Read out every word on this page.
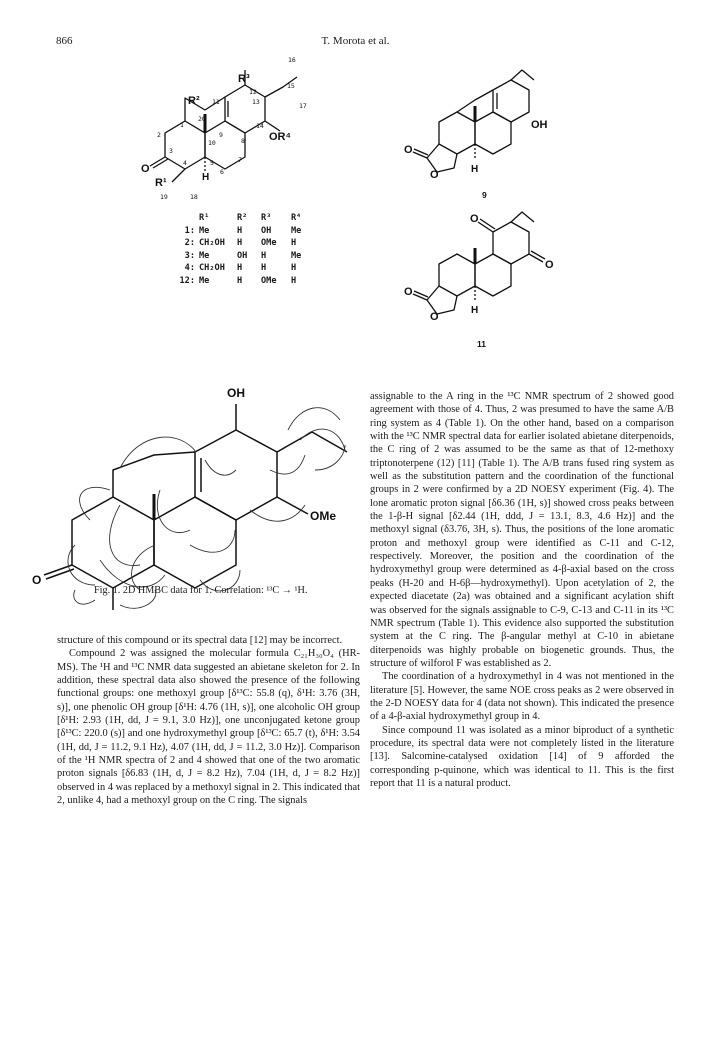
866	T. Morota et al.
R³
R²
OR⁴
R¹	H
O
16
15
17
12
13
11
20
1
2
3
4	5
6
7
8
9
10
14
19	18
OH
O
O	H
9
O
O
O
O
H
11
OH
OMe
O
R¹	R²	R³	R⁴
1: Me	H	OH	Me
2: CH₂OH	H	OMe	H
3: Me	OH	H	Me
4: CH₂OH	H	H	H
12: Me	H	OMe	H
Fig. 1. 2D HMBC data for 1. Correlation: ¹³C → ¹H.

structure of this compound or its spectral data [12] may be incorrect.

Compound 2 was assigned the molecular formula C₂₁H₃₀O₄ (HR-MS). The ¹H and ¹³C NMR data suggested an abietane skeleton for 2. In addition, these spectral data also showed the presence of the following functional groups: one methoxyl group [δ¹³C: 55.8 (q), δ¹H: 3.76 (3H, s)], one phenolic OH group [δ¹H: 4.76 (1H, s)], one alcoholic OH group [δ¹H: 2.93 (1H, dd, J = 9.1, 3.0 Hz)], one unconjugated ketone group [δ¹³C: 220.0 (s)] and one hydroxymethyl group [δ¹³C: 65.7 (t), δ¹H: 3.54 (1H, dd, J = 11.2, 9.1 Hz), 4.07 (1H, dd, J = 11.2, 3.0 Hz)]. Comparison of the ¹H NMR spectra of 2 and 4 showed that one of the two aromatic proton signals [δ6.83 (1H, d, J = 8.2 Hz), 7.04 (1H, d, J = 8.2 Hz)] observed in 4 was replaced by a methoxyl signal in 2. This indicated that 2, unlike 4, had a methoxyl group on the C ring. The signals

assignable to the A ring in the ¹³C NMR spectrum of 2 showed good agreement with those of 4. Thus, 2 was presumed to have the same A/B ring system as 4 (Table 1). On the other hand, based on a comparison with the ¹³C NMR spectral data for earlier isolated abietane diterpenoids, the C ring of 2 was assumed to be the same as that of 12-methoxy triptonoterpene (12) [11] (Table 1). The A/B trans fused ring system as well as the substitution pattern and the coordination of the functional groups in 2 were confirmed by a 2D NOESY experiment (Fig. 4). The lone aromatic proton signal [δ6.36 (1H, s)] showed cross peaks between the 1-β-H signal [δ2.44 (1H, ddd, J = 13.1, 8.3, 4.6 Hz)] and the methoxyl signal (δ3.76, 3H, s). Thus, the positions of the lone aromatic proton and methoxyl group were identified as C-11 and C-12, respectively. Moreover, the position and the coordination of the hydroxymethyl group were determined as 4-β-axial based on the cross peaks (H-20 and H-6β—hydroxymethyl). Upon acetylation of 2, the expected diacetate (2a) was obtained and a significant acylation shift was observed for the signals assignable to C-9, C-13 and C-11 in its ¹³C NMR spectrum (Table 1). This evidence also supported the substitution system at the C ring. The β-angular methyl at C-10 in abietane diterpenoids was highly probable on biogenetic grounds. Thus, the structure of wilforol F was established as 2.

The coordination of a hydroxymethyl in 4 was not mentioned in the literature [5]. However, the same NOE cross peaks as 2 were observed in the 2-D NOESY data for 4 (data not shown). This indicated the presence of a 4-β-axial hydroxymethyl group in 4.

Since compound 11 was isolated as a minor biproduct of a synthetic procedure, its spectral data were not completely listed in the literature [13]. Salcomine-catalysed oxidation [14] of 9 afforded the corresponding p-quinone, which was identical to 11. This is the first report that 11 is a natural product.
